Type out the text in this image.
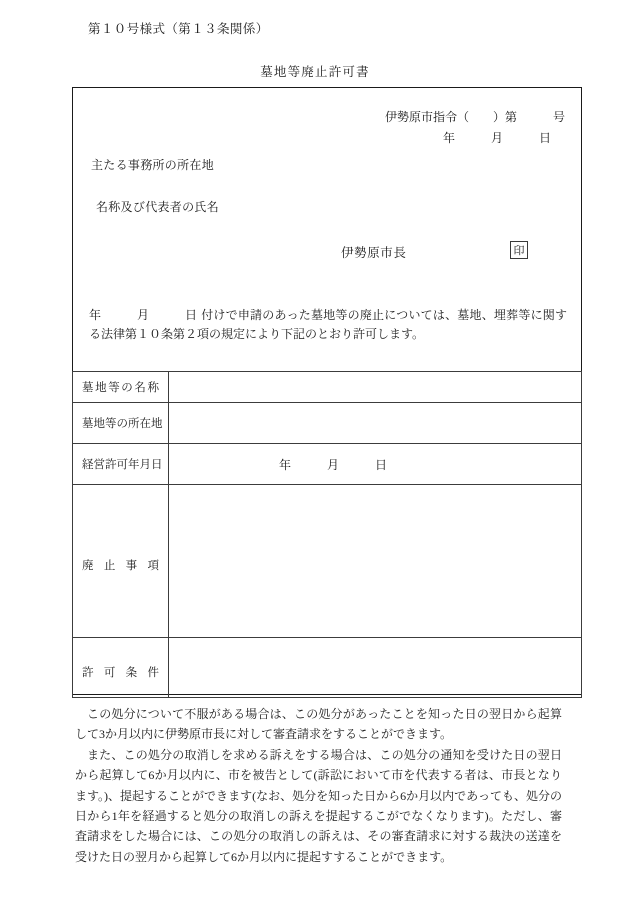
第１０号様式（第１３条関係）
墓地等廃止許可書
伊勢原市指令（　　）第　　　号
年　　　月　　　日
主たる事務所の所在地
名称及び代表者の氏名
伊勢原市長	印
年　　　月　　　日 付けで申請のあった墓地等の廃止については、墓地、埋葬等に関する法律第１０条第２項の規定により下記のとおり許可します。
墓 地 等 の 名 称

墓 地 等 の 所 在 地

経 営 許 可 年 月 日	年　　　月　　　日

廃 止 事 項	

許 可 条 件	

この処分について不服がある場合は、この処分があったことを知った日の翌日から起算して3か月以内に伊勢原市長に対して審査請求をすることができます。

また、この処分の取消しを求める訴えをする場合は、この処分の通知を受けた日の翌日から起算して6か月以内に、市を被告として(訴訟において市を代表する者は、市長となります。)、提起することができます(なお、処分を知った日から6か月以内であっても、処分の日から1年を経過すると処分の取消しの訴えを提起するこがでなくなります)。ただし、審査請求をした場合には、この処分の取消しの訴えは、その審査請求に対する裁決の送達を受けた日の翌月から起算して6か月以内に提起すすることができます。
